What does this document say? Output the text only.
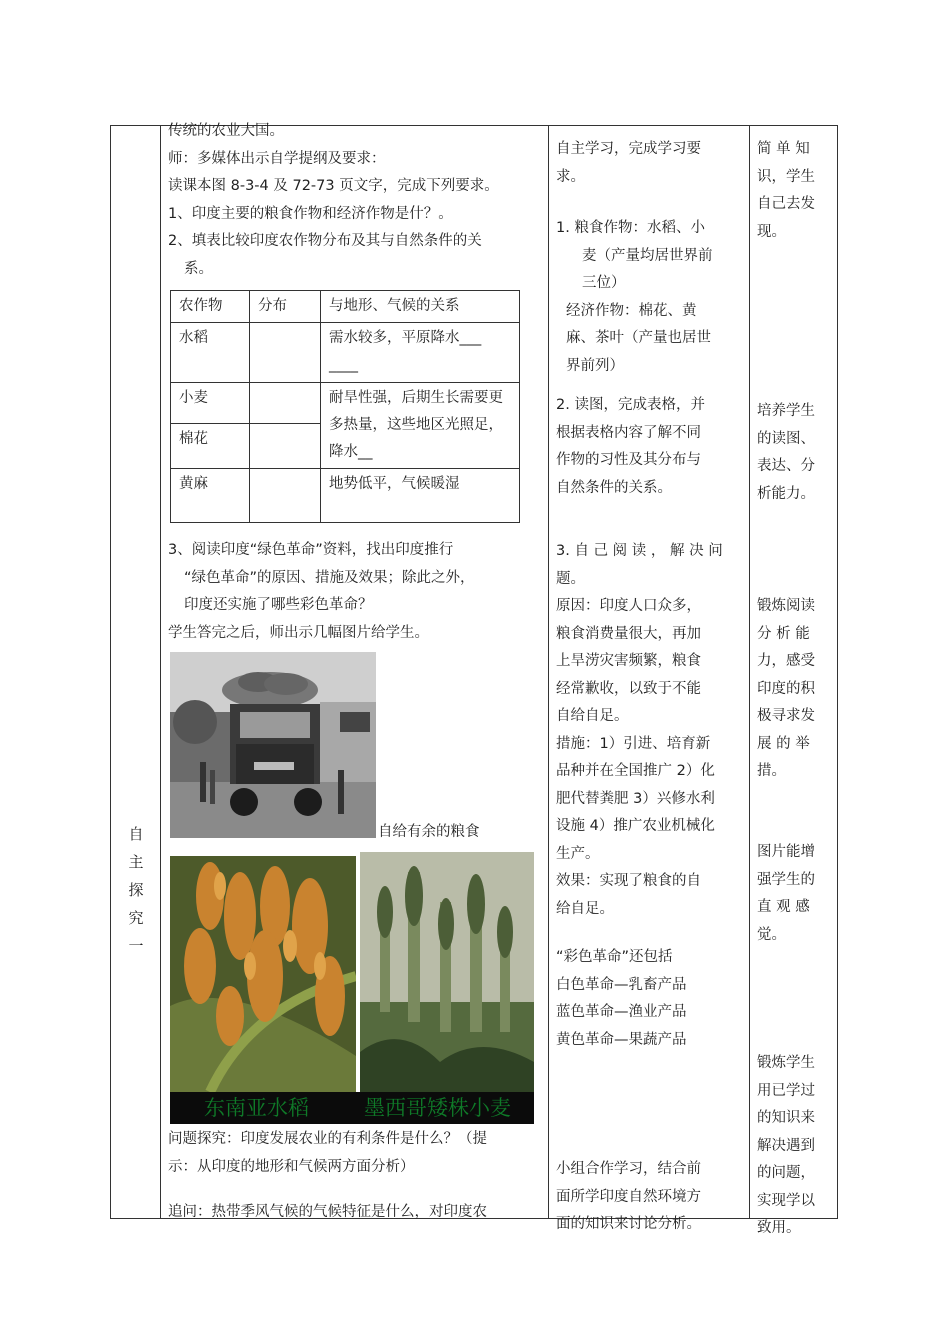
自
主
探
究
一

传统的农业大国。

师：多媒体出示自学提纲及要求：

读课本图 8-3-4 及 72-73 页文字，完成下列要求。

1、印度主要的粮食作物和经济作物是什？。

2、填表比较印度农作物分布及其与自然条件的关

系。

农作物	分布	与地形、气候的关系
水稻		需水较多，平原降水___
____
小麦		耐旱性强，后期生长需要更多热量，这些地区光照足，降水__
棉花		
黄麻		地势低平，气候暖湿

3、阅读印度“绿色革命”资料，找出印度推行

“绿色革命”的原因、措施及效果；除此之外，

印度还实施了哪些彩色革命？

学生答完之后，师出示几幅图片给学生。

自给有余的粮食
东南亚水稻	墨西哥矮株小麦

问题探究：印度发展农业的有利条件是什么？（提

示：从印度的地形和气候两方面分析）

追问：热带季风气候的气候特征是什么，对印度农

自主学习，完成学习要

求。

1. 粮食作物：水稻、小

麦（产量均居世界前

三位）

经济作物：棉花、黄

麻、茶叶（产量也居世

界前列）

2. 读图，完成表格，并

根据表格内容了解不同

作物的习性及其分布与

自然条件的关系。

3. 自 己 阅 读 ， 解 决 问

题。

原因：印度人口众多，

粮食消费量很大，再加

上旱涝灾害频繁，粮食

经常歉收，以致于不能

自给自足。

措施：1）引进、培育新

品种并在全国推广 2）化

肥代替粪肥 3）兴修水利

设施 4）推广农业机械化

生产。

效果：实现了粮食的自

给自足。

“彩色革命”还包括

白色革命—乳畜产品

蓝色革命—渔业产品

黄色革命—果蔬产品

小组合作学习，结合前

面所学印度自然环境方

面的知识来讨论分析。

简 单 知

识，学生

自己去发

现。

培养学生

的读图、

表达、分

析能力。

锻炼阅读

分 析 能

力，感受

印度的积

极寻求发

展 的 举

措。

图片能增

强学生的

直 观 感

觉。

锻炼学生

用已学过

的知识来

解决遇到

的问题，

实现学以

致用。
